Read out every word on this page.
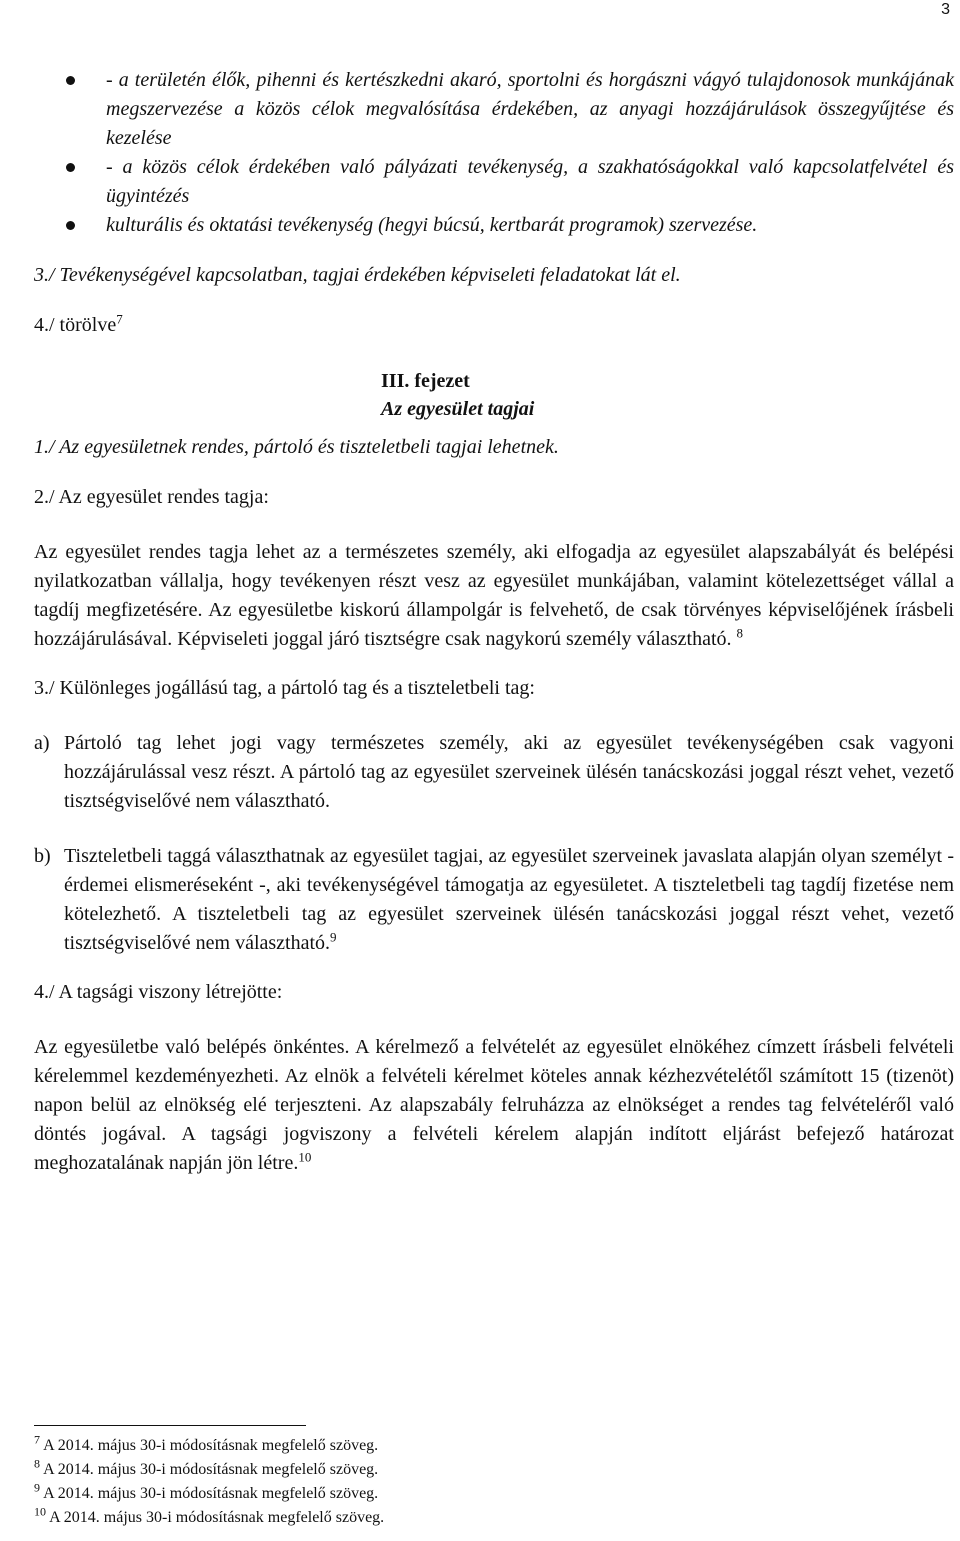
3
- a területén élők, pihenni és kertészkedni akaró, sportolni és horgászni vágyó tulajdonosok munkájának megszervezése a közös célok megvalósítása érdekében, az anyagi hozzájárulások összegyűjtése és kezelése
- a közös célok érdekében való pályázati tevékenység, a szakhatóságokkal való kapcsolatfelvétel és ügyintézés
kulturális és oktatási tevékenység (hegyi búcsú, kertbarát programok) szervezése.

3./ Tevékenységével kapcsolatban, tagjai érdekében képviseleti feladatokat lát el.

4./ törölve$^7$

III. fejezet

Az egyesület tagjai

1./ Az egyesületnek rendes, pártoló és tiszteletbeli tagjai lehetnek.

2./ Az egyesület rendes tagja:

Az egyesület rendes tagja lehet az a természetes személy, aki elfogadja az egyesület alapszabályát és belépési nyilatkozatban vállalja, hogy tevékenyen részt vesz az egyesület munkájában, valamint kötelezettséget vállal a tagdíj megfizetésére. Az egyesületbe kiskorú állampolgár is felvehető, de csak törvényes képviselőjének írásbeli hozzájárulásával. Képviseleti joggal járó tisztségre csak nagykorú személy választható. $^8$

3./ Különleges jogállású tag, a pártoló tag és a tiszteletbeli tag:

a) Pártoló tag lehet jogi vagy természetes személy, aki az egyesület tevékenységében csak vagyoni hozzájárulással vesz részt. A pártoló tag az egyesület szerveinek ülésén tanácskozási joggal részt vehet, vezető tisztségviselővé nem választható.
b) Tiszteletbeli taggá választhatnak az egyesület tagjai, az egyesület szerveinek javaslata alapján olyan személyt - érdemei elismeréseként -, aki tevékenységével támogatja az egyesületet. A tiszteletbeli tag tagdíj fizetése nem kötelezhető. A tiszteletbeli tag az egyesület szerveinek ülésén tanácskozási joggal részt vehet, vezető tisztségviselővé nem választható.$^9$

4./ A tagsági viszony létrejötte:

Az egyesületbe való belépés önkéntes. A kérelmező a felvételét az egyesület elnökéhez címzett írásbeli felvételi kérelemmel kezdeményezheti. Az elnök a felvételi kérelmet köteles annak kézhezvételétől számított 15 (tizenöt) napon belül az elnökség elé terjeszteni. Az alapszabály felruházza az elnökséget a rendes tag felvételéről való döntés jogával. A tagsági jogviszony a felvételi kérelem alapján indított eljárást befejező határozat meghozatalának napján jön létre.$^{10}$

$^7$ A 2014. május 30-i módosításnak megfelelő szöveg.
$^8$ A 2014. május 30-i módosításnak megfelelő szöveg.
$^9$ A 2014. május 30-i módosításnak megfelelő szöveg.
$^{10}$ A 2014. május 30-i módosításnak megfelelő szöveg.
